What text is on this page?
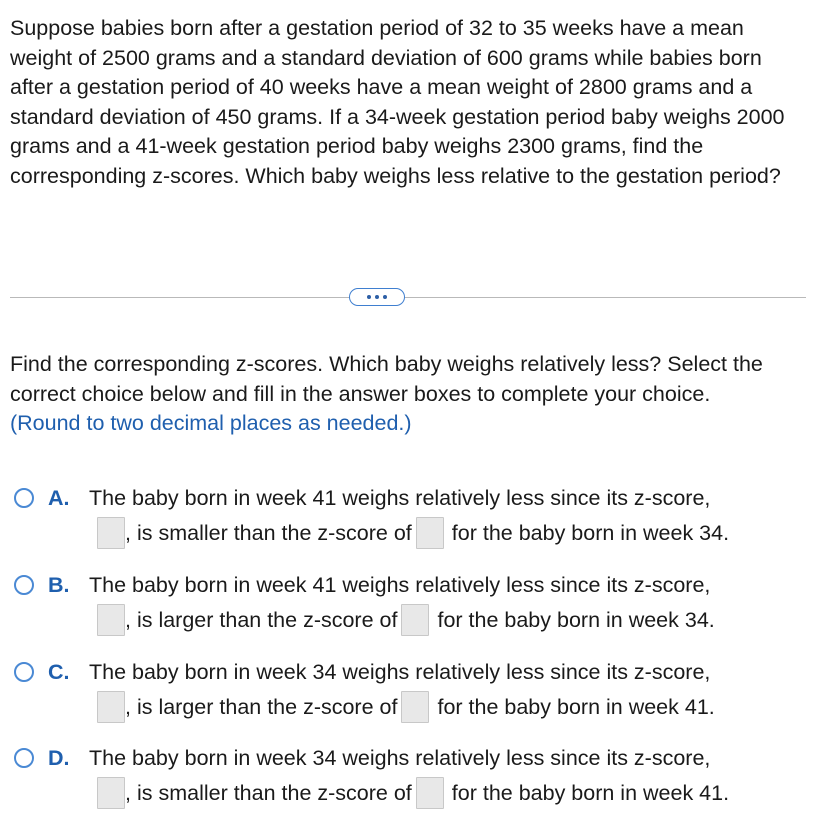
Suppose babies born after a gestation period of 32 to 35 weeks have a mean weight of 2500 grams and a standard deviation of 600 grams while babies born after a gestation period of 40 weeks have a mean weight of 2800 grams and a standard deviation of 450 grams. If a 34-week gestation period baby weighs 2000 grams and a 41-week gestation period baby weighs 2300 grams, find the corresponding z-scores. Which baby weighs less relative to the gestation period?

Find the corresponding z-scores. Which baby weighs relatively less? Select the correct choice below and fill in the answer boxes to complete your choice.
(Round to two decimal places as needed.)
A. The baby born in week 41 weighs relatively less since its z-score,
, is smaller than the z-score of for the baby born in week 34.
B. The baby born in week 41 weighs relatively less since its z-score,
, is larger than the z-score of for the baby born in week 34.
C. The baby born in week 34 weighs relatively less since its z-score,
, is larger than the z-score of for the baby born in week 41.
D. The baby born in week 34 weighs relatively less since its z-score,
, is smaller than the z-score of for the baby born in week 41.
